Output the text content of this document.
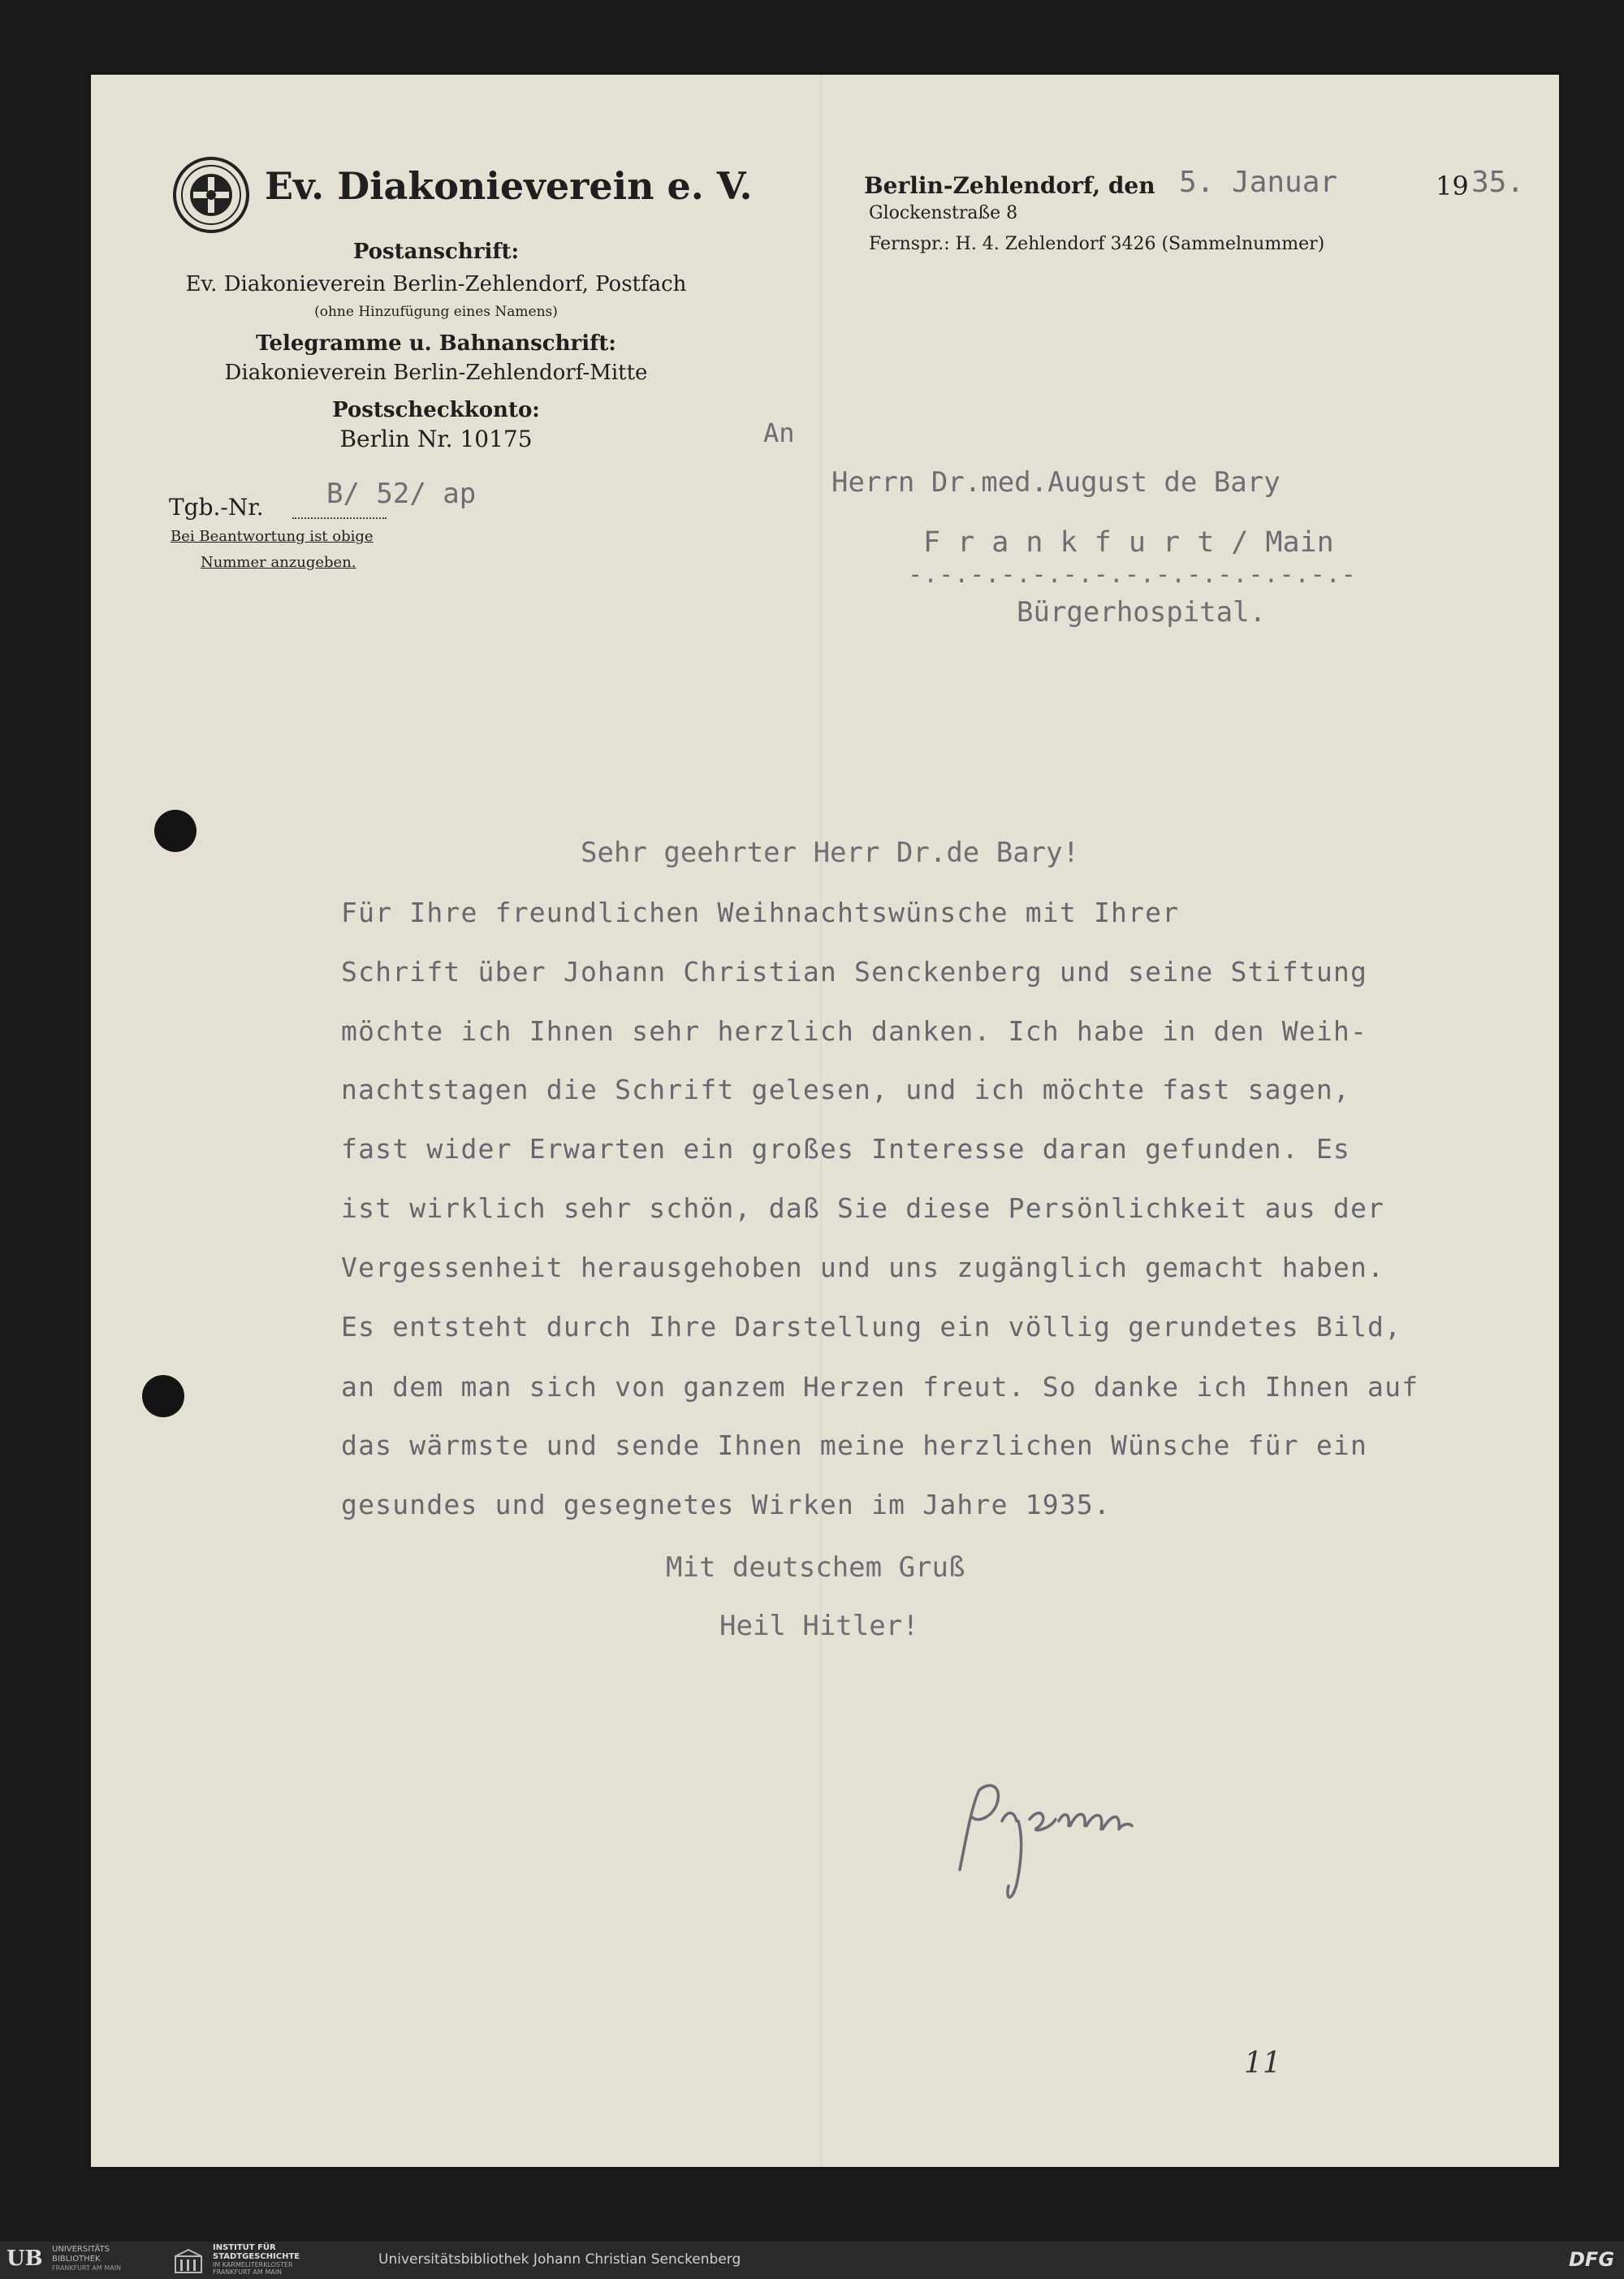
Ev. Diakonieverein e. V.
Postanschrift:
Ev. Diakonieverein Berlin-Zehlendorf, Postfach
(ohne Hinzufügung eines Namens)
Telegramme u. Bahnanschrift:
Diakonieverein Berlin-Zehlendorf-Mitte
Postscheckkonto:
Berlin Nr. 10175
Tgb.-Nr. B/ 52/ ap
Bei Beantwortung ist obige
Nummer anzugeben.
Berlin-Zehlendorf, den 5. Januar	19 35.
Glockenstraße 8
Fernspr.: H. 4. Zehlendorf 3426 (Sammelnummer)
An
Herrn Dr.med.August de Bary
F r a n k f u r t / Main
-.-.-.-.-.-.-.-.-.-.-.-.-.-.-
Bürgerhospital.
Sehr geehrter Herr Dr.de Bary!
Für Ihre freundlichen Weihnachtswünsche mit Ihrer
Schrift über Johann Christian Senckenberg und seine Stiftung
möchte ich Ihnen sehr herzlich danken. Ich habe in den Weih-
nachtstagen die Schrift gelesen, und ich möchte fast sagen,
fast wider Erwarten ein großes Interesse daran gefunden. Es
ist wirklich sehr schön, daß Sie diese Persönlichkeit aus der
Vergessenheit herausgehoben und uns zugänglich gemacht haben.
Es entsteht durch Ihre Darstellung ein völlig gerundetes Bild,
an dem man sich von ganzem Herzen freut. So danke ich Ihnen auf
das wärmste und sende Ihnen meine herzlichen Wünsche für ein
gesundes und gesegnetes Wirken im Jahre 1935.
Mit deutschem Gruß
Heil Hitler!
11
UB UNIVERSITÄTS
BIBLIOTHEK
FRANKFURT AM MAIN
INSTITUT FÜR
STADTGESCHICHTE
IM KARMELITERKLOSTER
FRANKFURT AM MAIN
Universitätsbibliothek Johann Christian Senckenberg	DFG
